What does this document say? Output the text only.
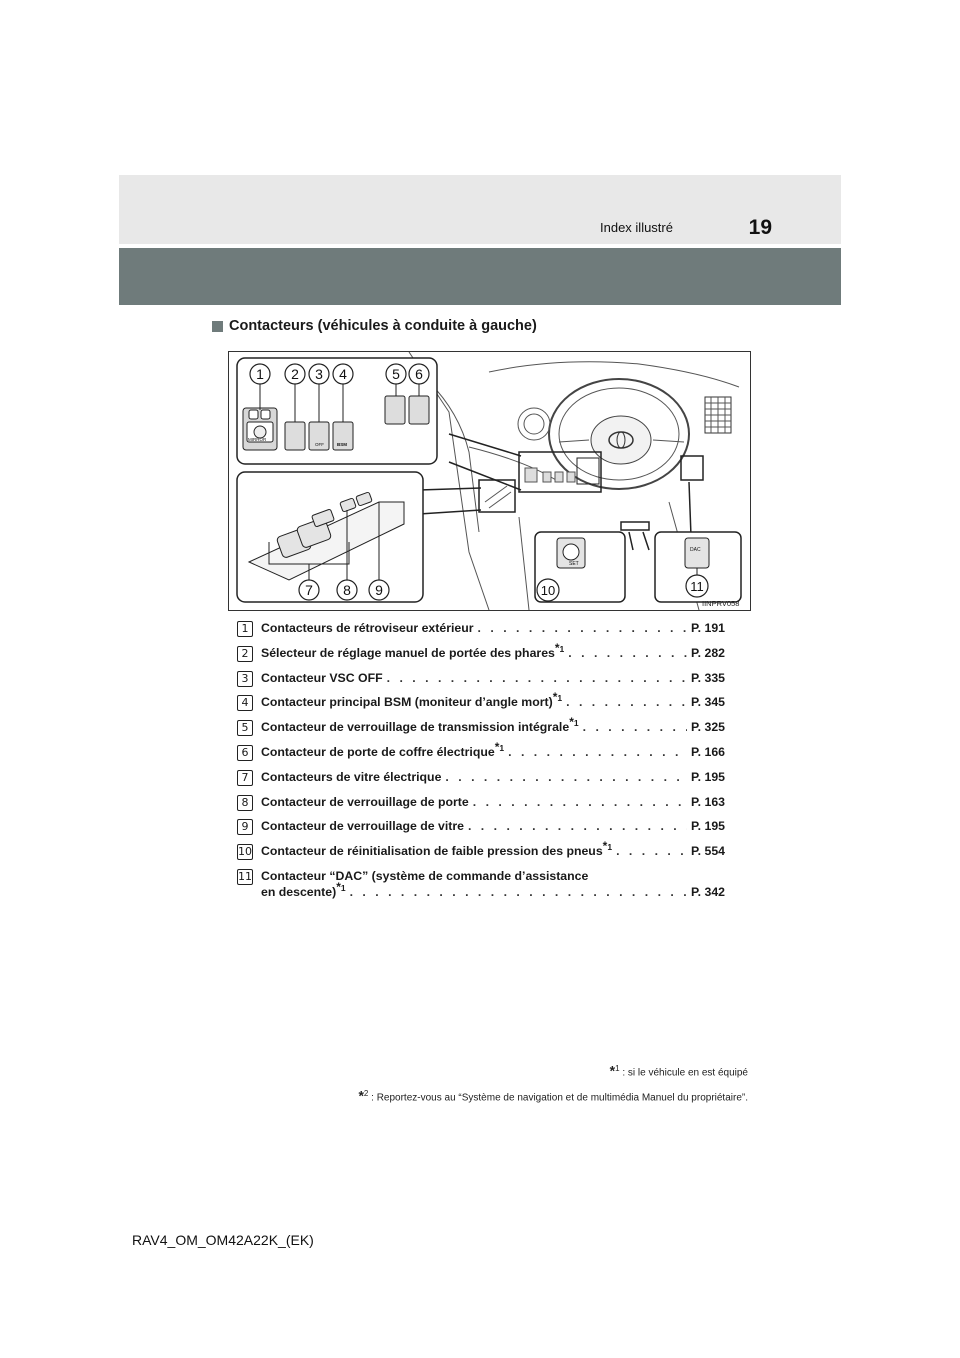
Index illustré	19
Contacteurs (véhicules à conduite à gauche)
MIRROR
OFF	BSM
SET
DAC
1 2 3 4	5 6
7 8 9	10	11
IINPRV058
1	Contacteurs de rétroviseur extérieur . . .	P. 191
2	Sélecteur de réglage manuel de portée des phares$^{*1}$ . . .	P. 282
3	Contacteur VSC OFF . . .	P. 335
4	Contacteur principal BSM (moniteur d’angle mort)$^{*1}$ . . .	P. 345
5	Contacteur de verrouillage de transmission intégrale$^{*1}$ . . .	P. 325
6	Contacteur de porte de coffre électrique$^{*1}$ . . .	P. 166
7	Contacteurs de vitre électrique . . .	P. 195
8	Contacteur de verrouillage de porte . . .	P. 163
9	Contacteur de verrouillage de vitre . . .	P. 195
10 Contacteur de réinitialisation de faible pression des pneus$^{*1}$ . . .	P. 554
11 Contacteur “DAC” (système de commande d’assistance
en descente)$^{*1}$ . . .	P. 342
*$^1$ : si le véhicule en est équipé
*$^2$ : Reportez-vous au “Système de navigation et de multimédia Manuel du propriétaire”.
RAV4_OM_OM42A22K_(EK)
